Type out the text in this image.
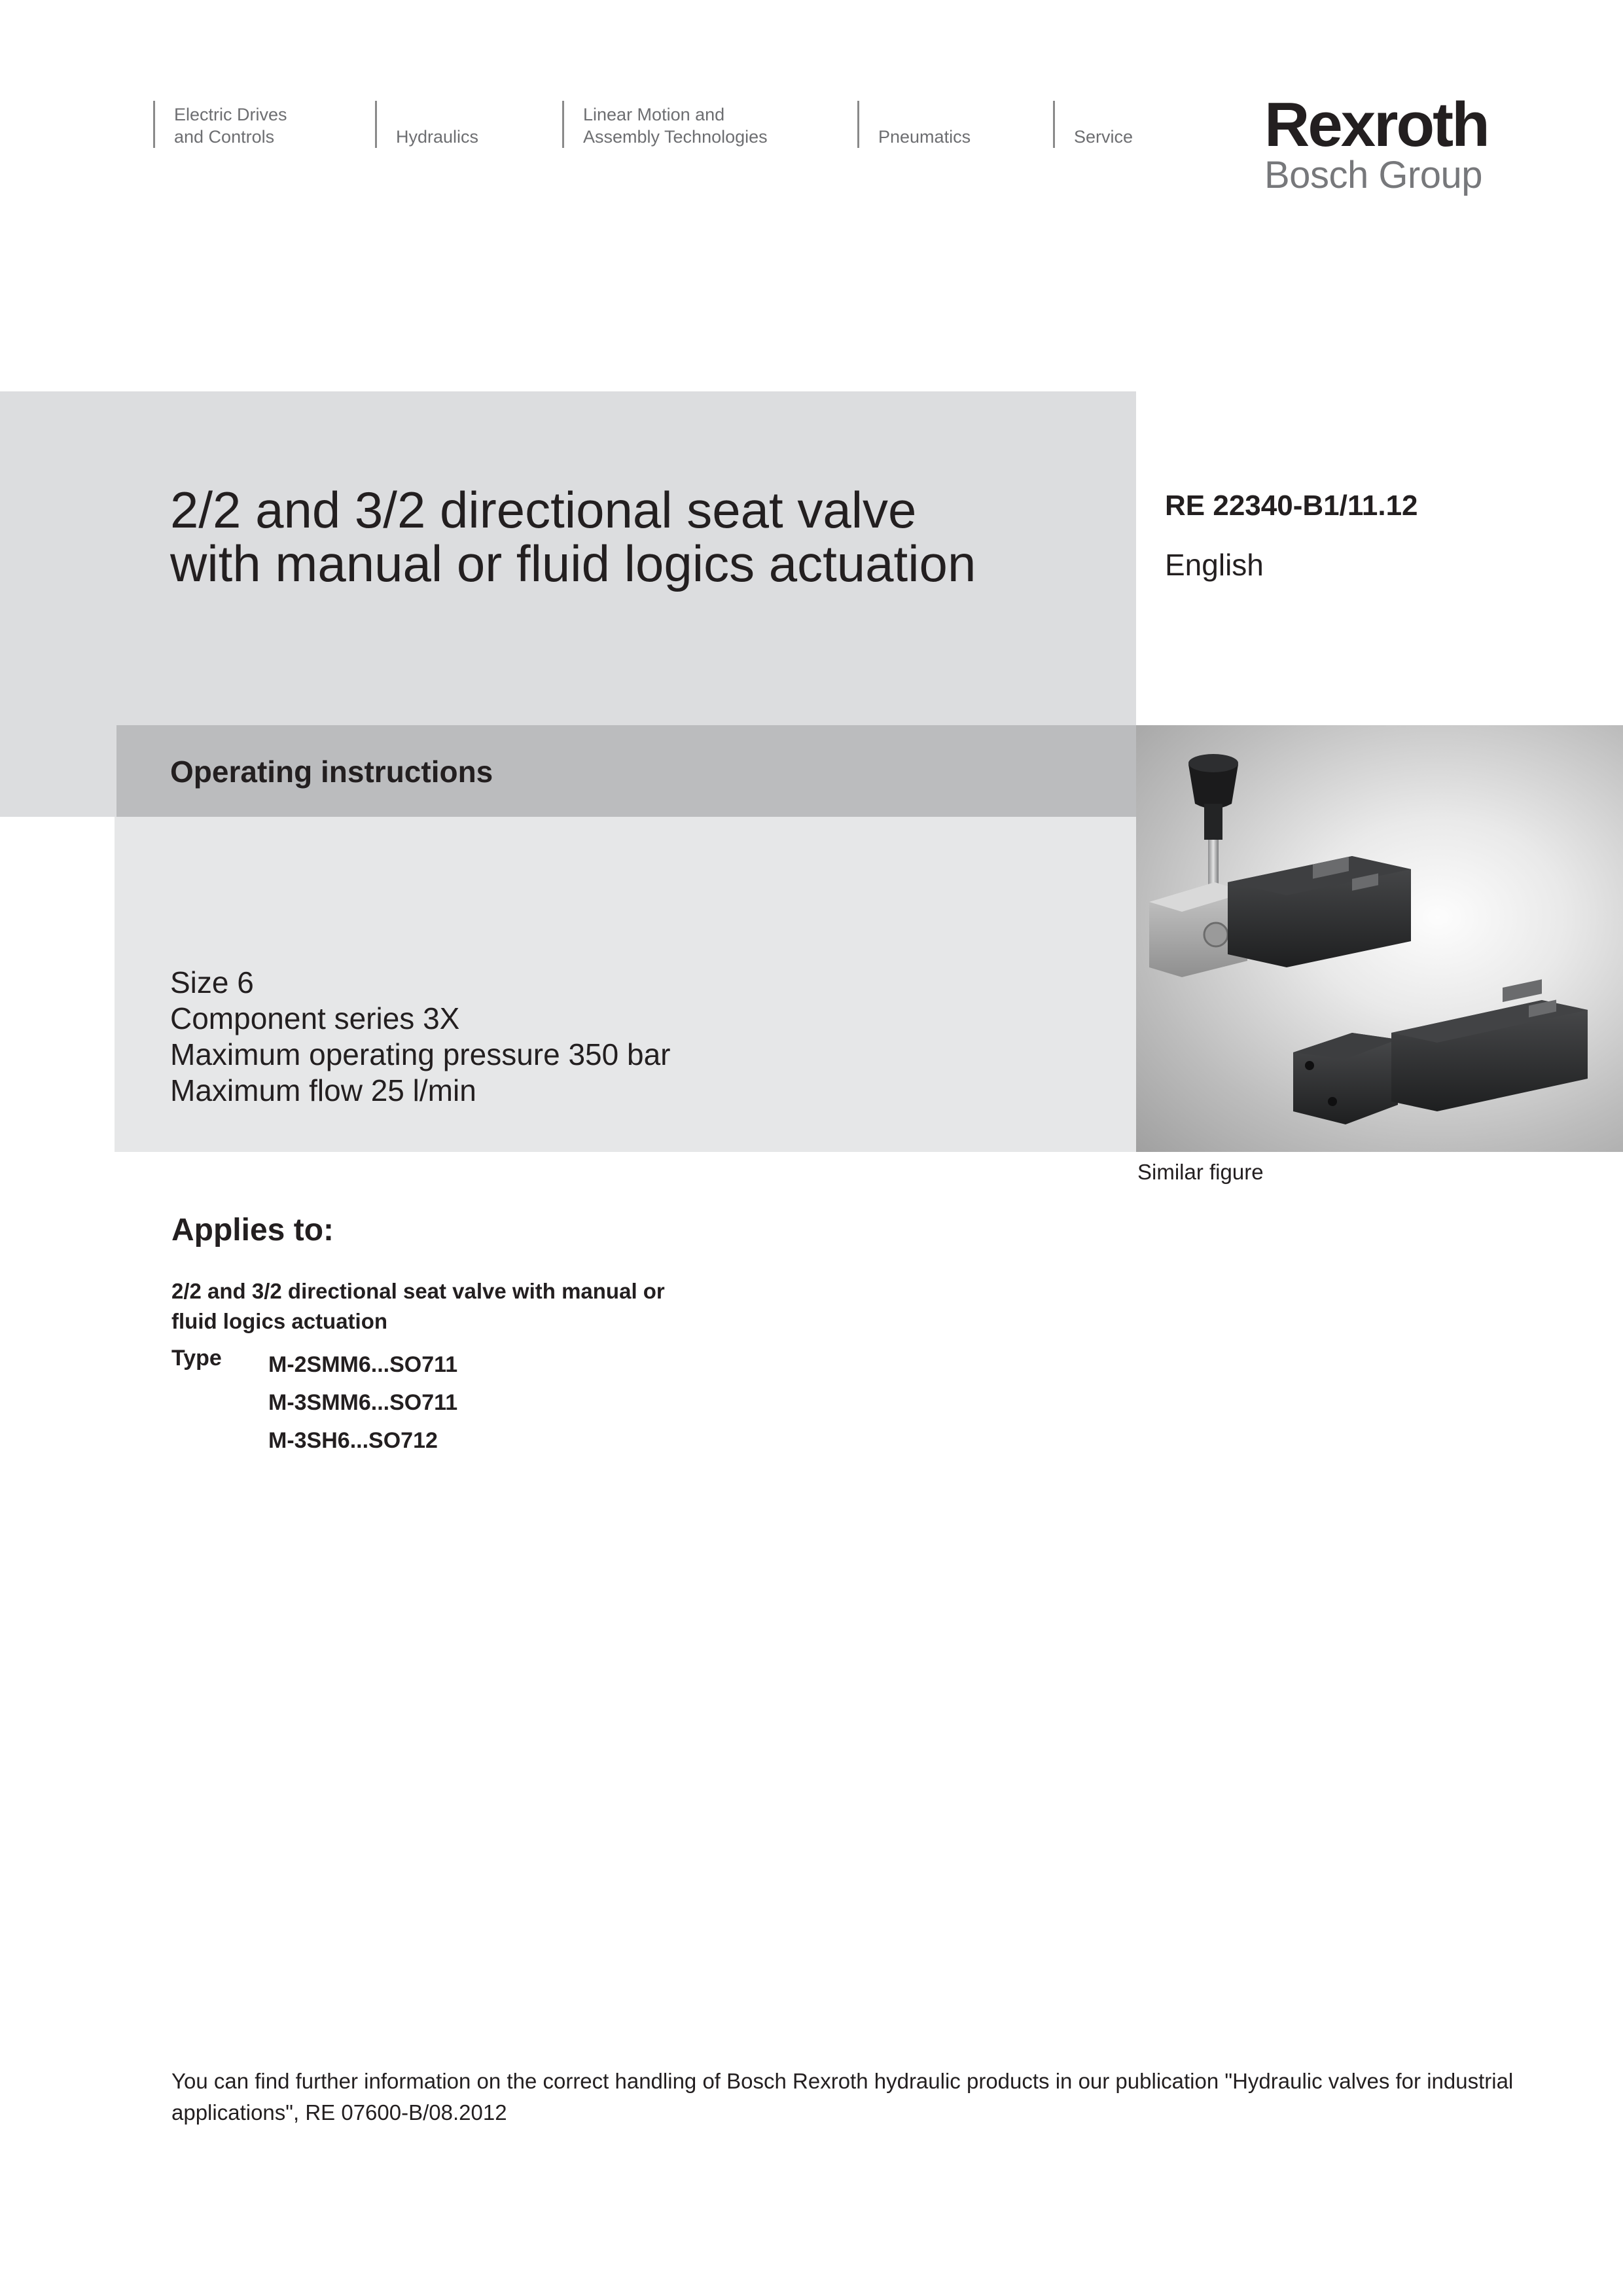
Electric Drives
and Controls	Hydraulics
Linear Motion and
Assembly Technologies	Pneumatics	Service Rexroth
Bosch Group
2/2 and 3/2 directional seat valve
with manual or fluid logics actuation
RE 22340-B1/11.12
English
Operating instructions
Size 6
Component series 3X
Maximum operating pressure 350 bar
Maximum flow 25 l/min
Similar figure
Applies to:
2/2 and 3/2 directional seat valve with manual or
fluid logics actuation
Type M-2SMM6...SO711
M-3SMM6...SO711
M-3SH6...SO712
You can find further information on the correct handling of Bosch Rexroth hydraulic products in our publication "Hydraulic valves for industrial applications", RE 07600-B/08.2012
